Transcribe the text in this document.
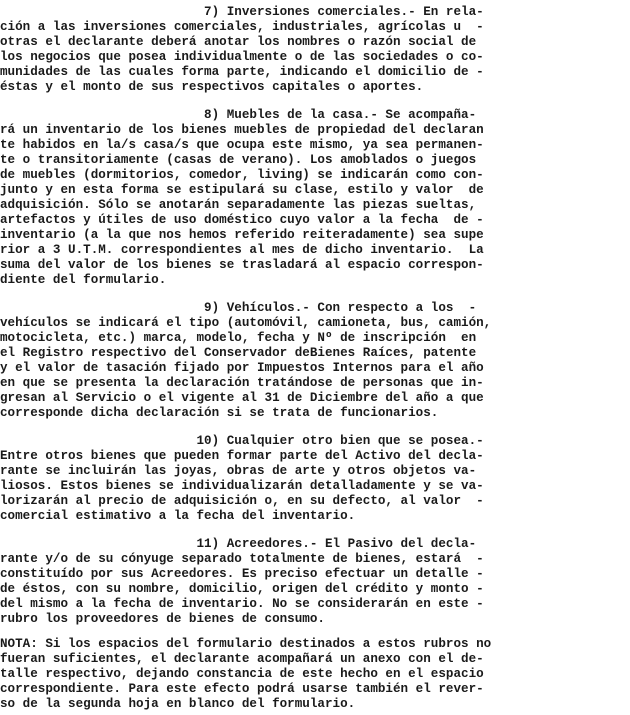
7) Inversiones comerciales.- En rela-
ción a las inversiones comerciales, industriales, agrícolas u  -
otras el declarante deberá anotar los nombres o razón social de
los negocios que posea individualmente o de las sociedades o co-
munidades de las cuales forma parte, indicando el domicilio de -
éstas y el monto de sus respectivos capitales o aportes.
8) Muebles de la casa.- Se acompaña-
rá un inventario de los bienes muebles de propiedad del declaran
te habidos en la/s casa/s que ocupa este mismo, ya sea permanen-
te o transitoriamente (casas de verano). Los amoblados o juegos
de muebles (dormitorios, comedor, living) se indicarán como con-
junto y en esta forma se estipulará su clase, estilo y valor  de
adquisición. Sólo se anotarán separadamente las piezas sueltas,
artefactos y útiles de uso doméstico cuyo valor a la fecha  de -
inventario (a la que nos hemos referido reiteradamente) sea supe
rior a 3 U.T.M. correspondientes al mes de dicho inventario.  La
suma del valor de los bienes se trasladará al espacio correspon-
diente del formulario.
9) Vehículos.- Con respecto a los  -
vehículos se indicará el tipo (automóvil, camioneta, bus, camión,
motocicleta, etc.) marca, modelo, fecha y Nº de inscripción  en
el Registro respectivo del Conservador deBienes Raíces, patente
y el valor de tasación fijado por Impuestos Internos para el año
en que se presenta la declaración tratándose de personas que in-
gresan al Servicio o el vigente al 31 de Diciembre del año a que
corresponde dicha declaración si se trata de funcionarios.
10) Cualquier otro bien que se posea.-
Entre otros bienes que pueden formar parte del Activo del decla-
rante se incluirán las joyas, obras de arte y otros objetos va-
liosos. Estos bienes se individualizarán detalladamente y se va-
lorizarán al precio de adquisición o, en su defecto, al valor  -
comercial estimativo a la fecha del inventario.
11) Acreedores.- El Pasivo del decla-
rante y/o de su cónyuge separado totalmente de bienes, estará  -
constituído por sus Acreedores. Es preciso efectuar un detalle -
de éstos, con su nombre, domicilio, origen del crédito y monto -
del mismo a la fecha de inventario. No se considerarán en este -
rubro los proveedores de bienes de consumo.
NOTA: Si los espacios del formulario destinados a estos rubros no
fueran suficientes, el declarante acompañará un anexo con el de-
talle respectivo, dejando constancia de este hecho en el espacio
correspondiente. Para este efecto podrá usarse también el rever-
so de la segunda hoja en blanco del formulario.
